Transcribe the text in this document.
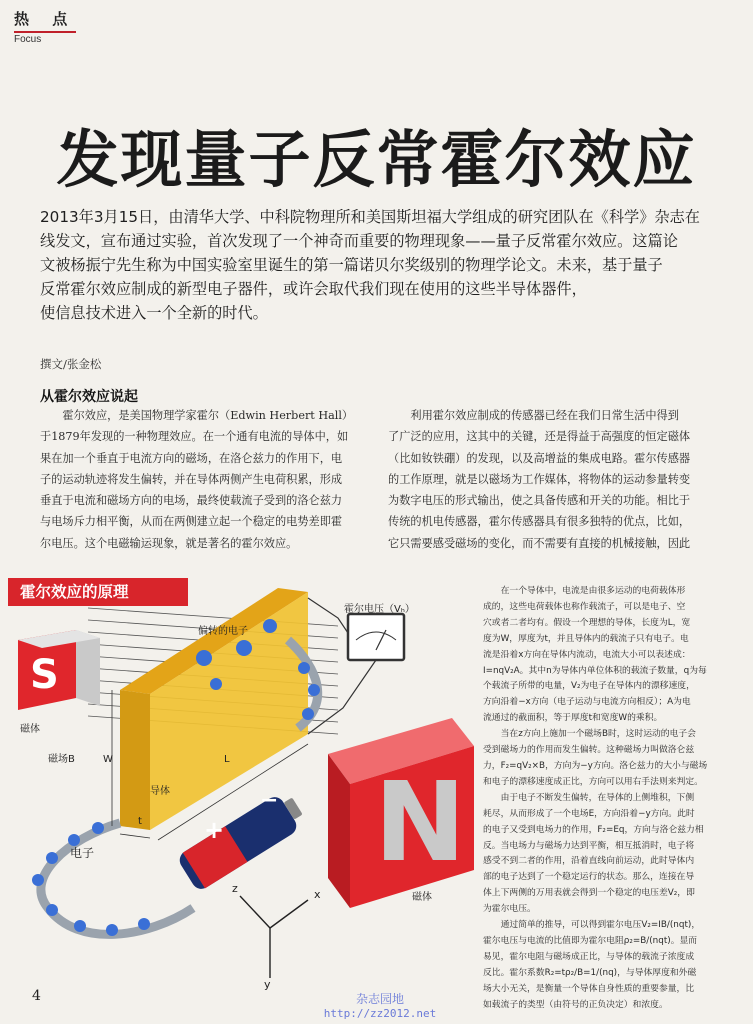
热 点
Focus
发现量子反常霍尔效应
2013年3月15日，由清华大学、中科院物理所和美国斯坦福大学组成的研究团队在《科学》杂志在
线发文，宣布通过实验，首次发现了一个神奇而重要的物理现象——量子反常霍尔效应。这篇论
文被杨振宁先生称为中国实验室里诞生的第一篇诺贝尔奖级别的物理学论文。未来，基于量子
反常霍尔效应制成的新型电子器件，或许会取代我们现在使用的这些半导体器件，
使信息技术进入一个全新的时代。
撰文/张金松
从霍尔效应说起
　　霍尔效应，是美国物理学家霍尔（Edwin Herbert Hall）
于1879年发现的一种物理效应。在一个通有电流的导体中，如
果在加一个垂直于电流方向的磁场，在洛仑兹力的作用下，电
子的运动轨迹将发生偏转，并在导体两侧产生电荷积累，形成
垂直于电流和磁场方向的电场，最终使载流子受到的洛仑兹力
与电场斥力相平衡，从而在两侧建立起一个稳定的电势差即霍
尔电压。这个电磁输运现象，就是著名的霍尔效应。
　　利用霍尔效应制成的传感器已经在我们日常生活中得到
了广泛的应用，这其中的关键，还是得益于高强度的恒定磁体
（比如钕铁硼）的发现，以及高增益的集成电路。霍尔传感器
的工作原理，就是以磁场为工作媒体，将物体的运动参量转变
为数字电压的形式输出，使之具备传感和开关的功能。相比于
传统的机电传感器，霍尔传感器具有很多独特的优点，比如，
它只需要感受磁场的变化，而不需要有直接的机械接触，因此
霍尔效应的原理
霍尔电压（Vₕ）
偏转的电子
磁体
磁场B	W
t
L
导体
电子
磁体
z	x
y
S
N
+
−
　　在一个导体中，电流是由很多运动的电荷载体形
成的，这些电荷载体也称作载流子，可以是电子、空
穴或者二者均有。假设一个理想的导体，长度为L，宽
度为W，厚度为t，并且导体内的载流子只有电子。电
流是沿着x方向在导体内流动，电流大小可以表述成：
I=nqV₂A。其中n为导体内单位体积的载流子数量，q为每
个载流子所带的电量，V₂为电子在导体内的漂移速度，
方向沿着−x方向（电子运动与电流方向相反）；A为电
流通过的截面积，等于厚度t和宽度W的乘积。
　　当在z方向上施加一个磁场B时，这时运动的电子会
受到磁场力的作用而发生偏转。这种磁场力叫做洛仑兹
力，F₂=qV₂×B，方向为−y方向。洛仑兹力的大小与磁场
和电子的漂移速度成正比，方向可以用右手法则来判定。
　　由于电子不断发生偏转，在导体的上侧堆积，下侧
耗尽，从而形成了一个电场E，方向沿着−y方向。此时
的电子又受到电场力的作用，F₂=Eq，方向与洛仑兹力相
反。当电场力与磁场力达到平衡，相互抵消时，电子将
感受不到二者的作用，沿着直线向前运动，此时导体内
部的电子达到了一个稳定运行的状态。那么，连接在导
体上下两侧的万用表就会得到一个稳定的电压差V₂，即
为霍尔电压。
　　通过简单的推导，可以得到霍尔电压V₂=IB/(nqt)，
霍尔电压与电流的比值即为霍尔电阻ρ₂=B/(nqt)。显而
易见，霍尔电阻与磁场成正比，与导体的载流子浓度成
反比。霍尔系数R₂=tρ₂/B=1/(nq)，与导体厚度和外磁
场大小无关，是衡量一个导体自身性质的重要参量，比
如载流子的类型（由符号的正负决定）和浓度。
4	杂志园地
http://zz2012.net
